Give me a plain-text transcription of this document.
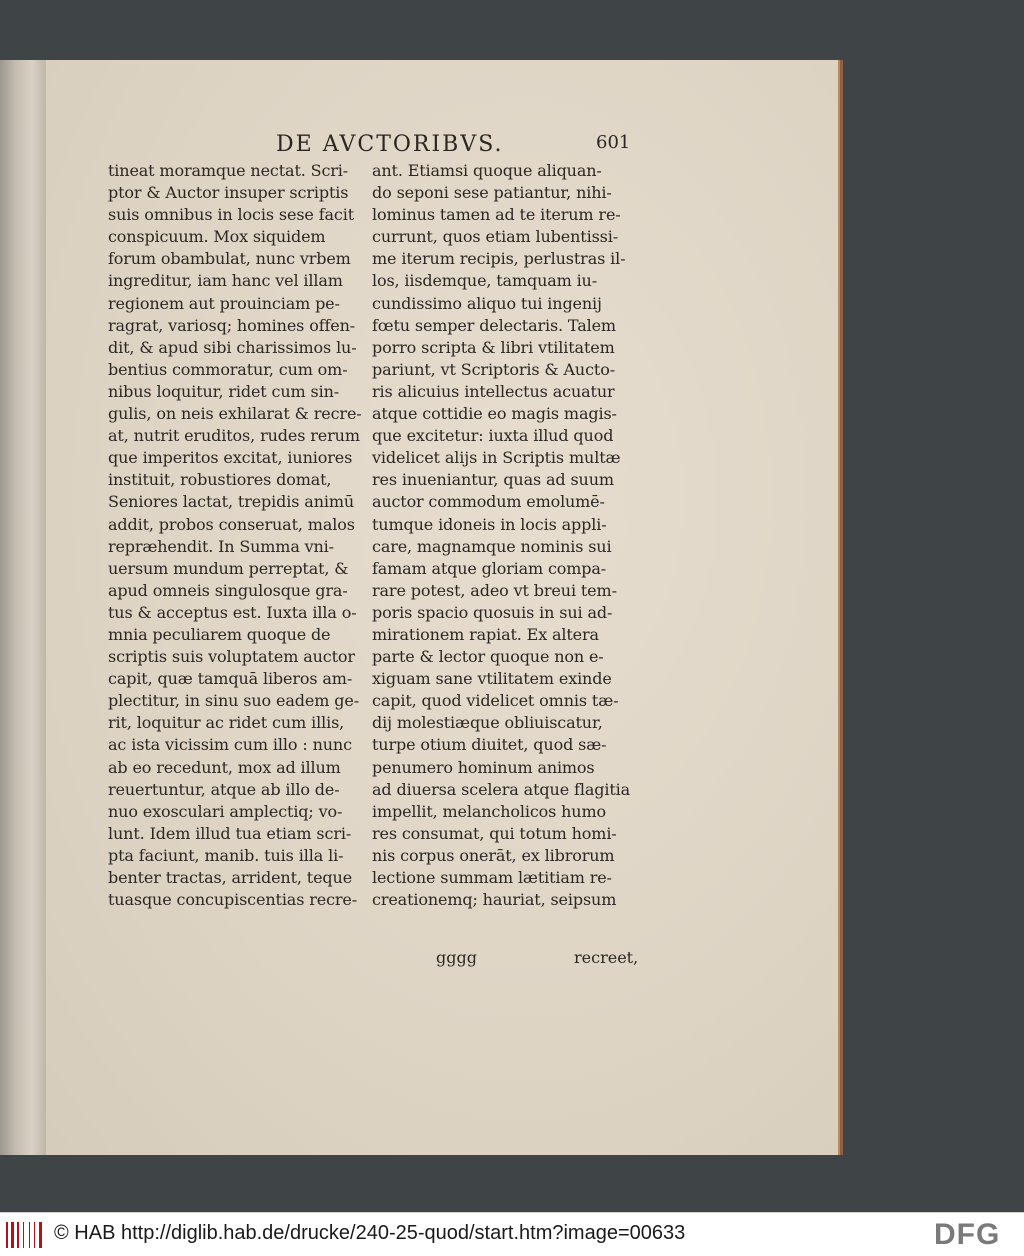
DE AVCTORIBVS.	601
tineat moramque nectat. Scri-
ptor & Auctor insuper scriptis
suis omnibus in locis sese facit
conspicuum. Mox siquidem
forum obambulat, nunc vrbem
ingreditur, iam hanc vel illam
regionem aut prouinciam pe-
ragrat, variosq; homines offen-
dit, & apud sibi charissimos lu-
bentius commoratur, cum om-
nibus loquitur, ridet cum sin-
gulis, on neis exhilarat & recre-
at, nutrit eruditos, rudes rerum
que imperitos excitat, iuniores
instituit, robustiores domat,
Seniores lactat, trepidis animū
addit, probos conseruat, malos
repræhendit. In Summa vni-
uersum mundum perreptat, &
apud omneis singulosque gra-
tus & acceptus est. Iuxta illa o-
mnia peculiarem quoque de
scriptis suis voluptatem auctor
capit, quæ tamquā liberos am-
plectitur, in sinu suo eadem ge-
rit, loquitur ac ridet cum illis,
ac ista vicissim cum illo : nunc
ab eo recedunt, mox ad illum
reuertuntur, atque ab illo de-
nuo exosculari amplectiq; vo-
lunt. Idem illud tua etiam scri-
pta faciunt, manib. tuis illa li-
benter tractas, arrident, teque
tuasque concupiscentias recre-
ant. Etiamsi quoque aliquan-
do seponi sese patiantur, nihi-
lominus tamen ad te iterum re-
currunt, quos etiam lubentissi-
me iterum recipis, perlustras il-
los, iisdemque, tamquam iu-
cundissimo aliquo tui ingenij
fœtu semper delectaris. Talem
porro scripta & libri vtilitatem
pariunt, vt Scriptoris & Aucto-
ris alicuius intellectus acuatur
atque cottidie eo magis magis-
que excitetur: iuxta illud quod
videlicet alijs in Scriptis multæ
res inueniantur, quas ad suum
auctor commodum emolumē-
tumque idoneis in locis appli-
care, magnamque nominis sui
famam atque gloriam compa-
rare potest, adeo vt breui tem-
poris spacio quosuis in sui ad-
mirationem rapiat. Ex altera
parte & lector quoque non e-
xiguam sane vtilitatem exinde
capit, quod videlicet omnis tæ-
dij molestiæque obliuiscatur,
turpe otium diuitet, quod sæ-
penumero hominum animos
ad diuersa scelera atque flagitia
impellit, melancholicos humo
res consumat, qui totum homi-
nis corpus onerāt, ex librorum
lectione summam lætitiam re-
creationemq; hauriat, seipsum
gggg	recreet,
© HAB http://diglib.hab.de/drucke/240-25-quod/start.htm?image=00633	DFG
